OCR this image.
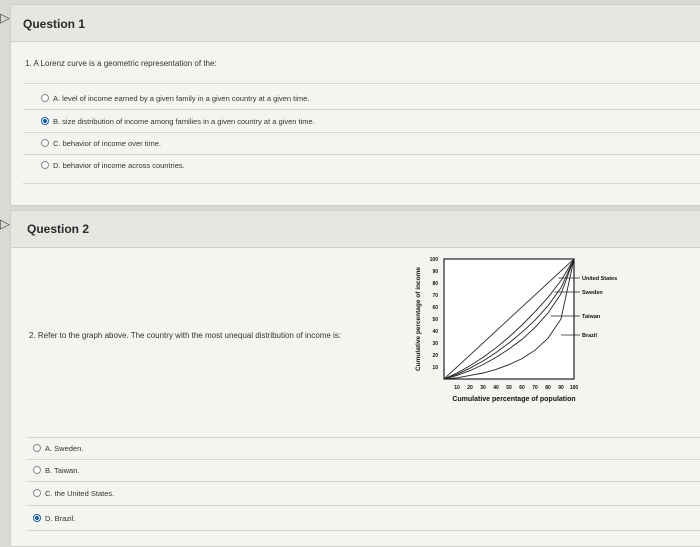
▷
▷
Question 1
1. A Lorenz curve is a geometric representation of the:
A. level of income earned by a given family in a given country at a given time.
B. size distribution of income among families in a given country at a given time.
C. behavior of income over time.
D. behavior of income across countries.
Question 2
2. Refer to the graph above. The country with the most unequal distribution of income is:
United States
Sweden
Taiwan
Brazil
10
20
30
40
50
60
70
80
90
100
10 20 30 40 50 60 70 80 90 100
Cumulative percentage of population
Cumulative percentage of income
A. Sweden.
B. Taiwan.
C. the United States.
D. Brazil.
